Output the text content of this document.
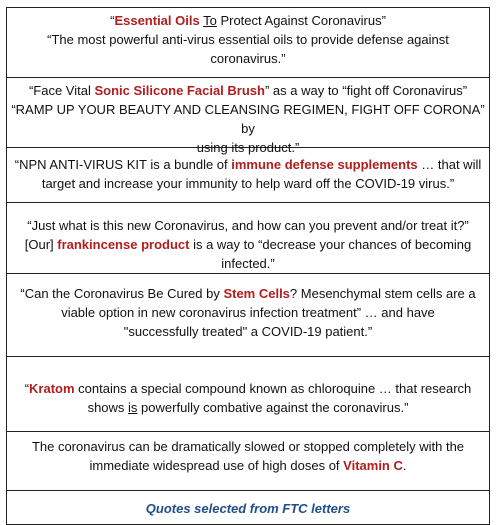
“Essential Oils To Protect Against Coronavirus”

“The most powerful anti-virus essential oils to provide defense against

coronavirus.”

“Face Vital Sonic Silicone Facial Brush” as a way to “fight off Coronavirus”

“RAMP UP YOUR BEAUTY AND CLEANSING REGIMEN, FIGHT OFF CORONA” by

using its product.”

“NPN ANTI-VIRUS KIT is a bundle of immune defense supplements … that will

target and increase your immunity to help ward off the COVID-19 virus.”

“Just what is this new Coronavirus, and how can you prevent and/or treat it?”

[Our] frankincense product is a way to “decrease your chances of becoming

infected.”

“Can the Coronavirus Be Cured by Stem Cells? Mesenchymal stem cells are a

viable option in new coronavirus infection treatment” … and have

"successfully treated" a COVID-19 patient.”

“Kratom contains a special compound known as chloroquine … that research

shows is powerfully combative against the coronavirus.”

The coronavirus can be dramatically slowed or stopped completely with the

immediate widespread use of high doses of Vitamin C.

Quotes selected from FTC letters
